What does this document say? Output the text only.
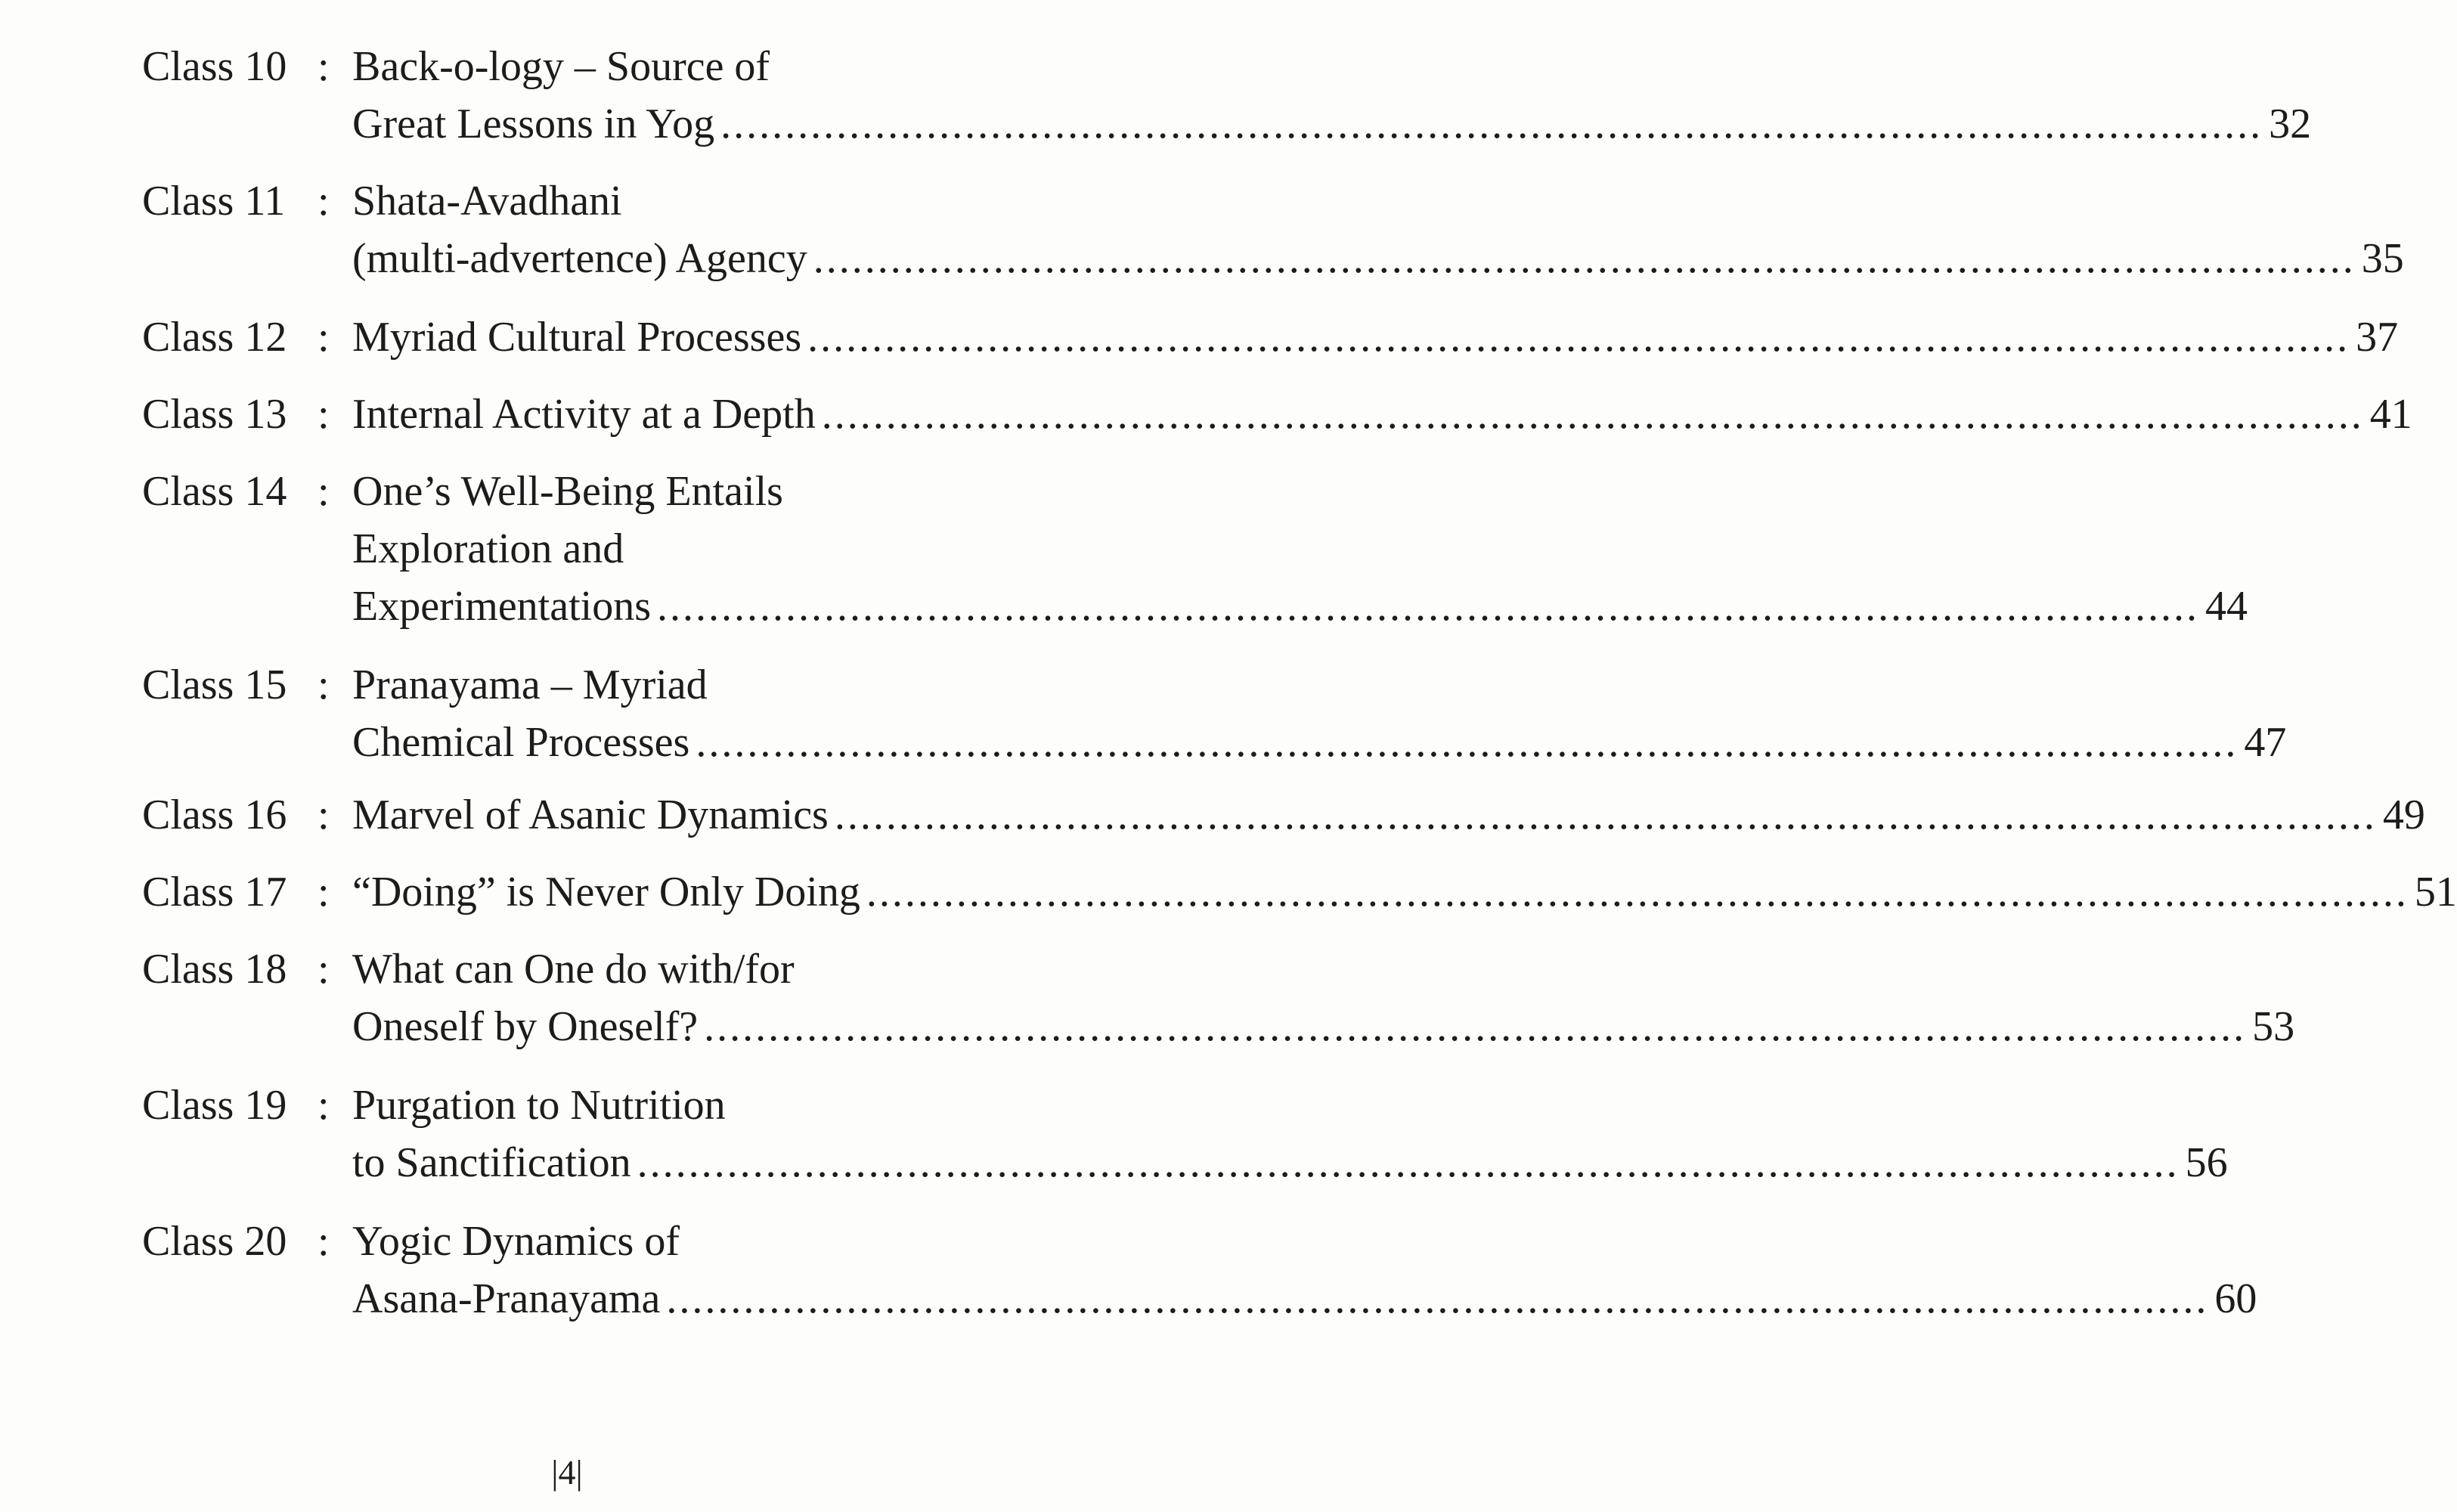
Class 10 : Back-o-logy – Source of
Great Lessons in Yog ........................................................................................................................ 32
Class 11 : Shata-Avadhani
(multi-advertence) Agency ........................................................................................................................ 35
Class 12 : Myriad Cultural Processes ........................................................................................................................ 37
Class 13 : Internal Activity at a Depth ........................................................................................................................ 41
Class 14 : One’s Well-Being Entails
Exploration and
Experimentations ........................................................................................................................ 44
Class 15 : Pranayama – Myriad
Chemical Processes ........................................................................................................................ 47
Class 16 : Marvel of Asanic Dynamics ........................................................................................................................ 49
Class 17 : “Doing” is Never Only Doing ........................................................................................................................ 51
Class 18 : What can One do with/for
Oneself by Oneself? ........................................................................................................................ 53
Class 19 : Purgation to Nutrition
to Sanctification ........................................................................................................................ 56
Class 20 : Yogic Dynamics of
Asana-Pranayama ........................................................................................................................ 60
|4|
